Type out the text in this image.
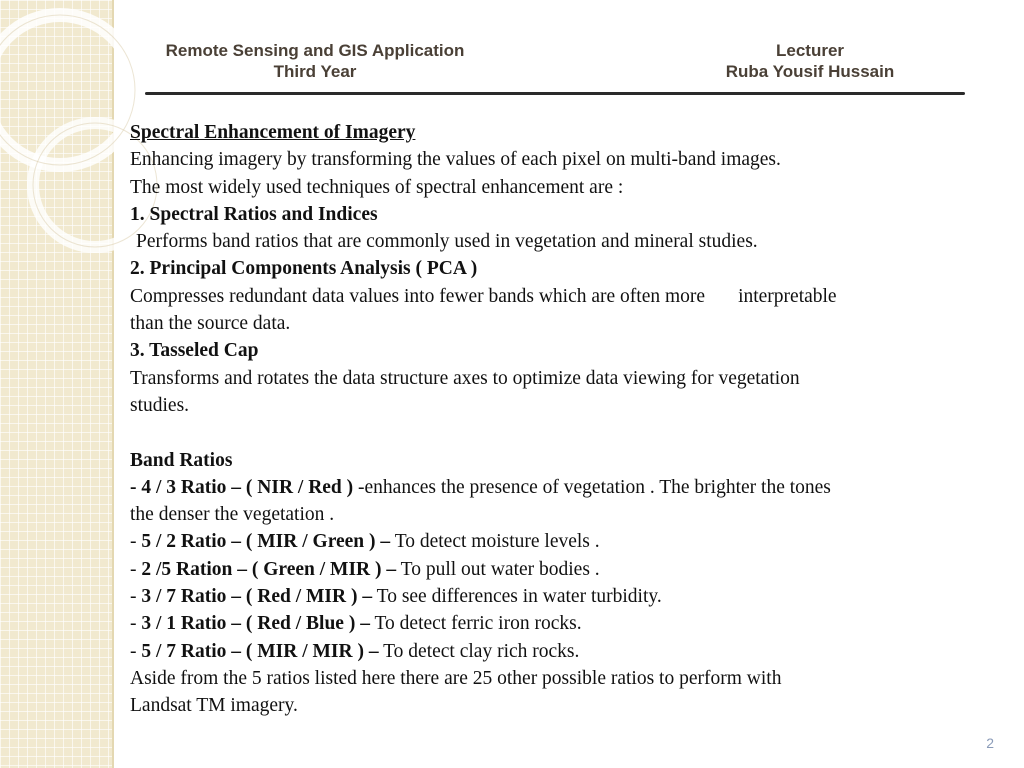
Remote Sensing and GIS Application
Third Year
Lecturer
Ruba Yousif Hussain
Spectral Enhancement of Imagery
Enhancing imagery by transforming the values of each pixel on multi-band images.
The most widely used techniques of spectral enhancement are :
1. Spectral Ratios and Indices
Performs band ratios that are commonly used in vegetation and mineral studies.
2. Principal Components Analysis ( PCA )
Compresses redundant data values into fewer bands which are often more interpretable
than the source data.
3. Tasseled Cap
Transforms and rotates the data structure axes to optimize data viewing for vegetation
studies.
Band Ratios
- 4 / 3 Ratio – ( NIR / Red ) -enhances the presence of vegetation . The brighter the tones
the denser the vegetation .
- 5 / 2 Ratio – ( MIR / Green ) – To detect moisture levels .
- 2 /5 Ration – ( Green / MIR ) – To pull out water bodies .
- 3 / 7 Ratio – ( Red / MIR ) – To see differences in water turbidity.
- 3 / 1 Ratio – ( Red / Blue ) – To detect ferric iron rocks.
- 5 / 7 Ratio – ( MIR / MIR ) – To detect clay rich rocks.
Aside from the 5 ratios listed here there are 25 other possible ratios to perform with
Landsat TM imagery.
2
